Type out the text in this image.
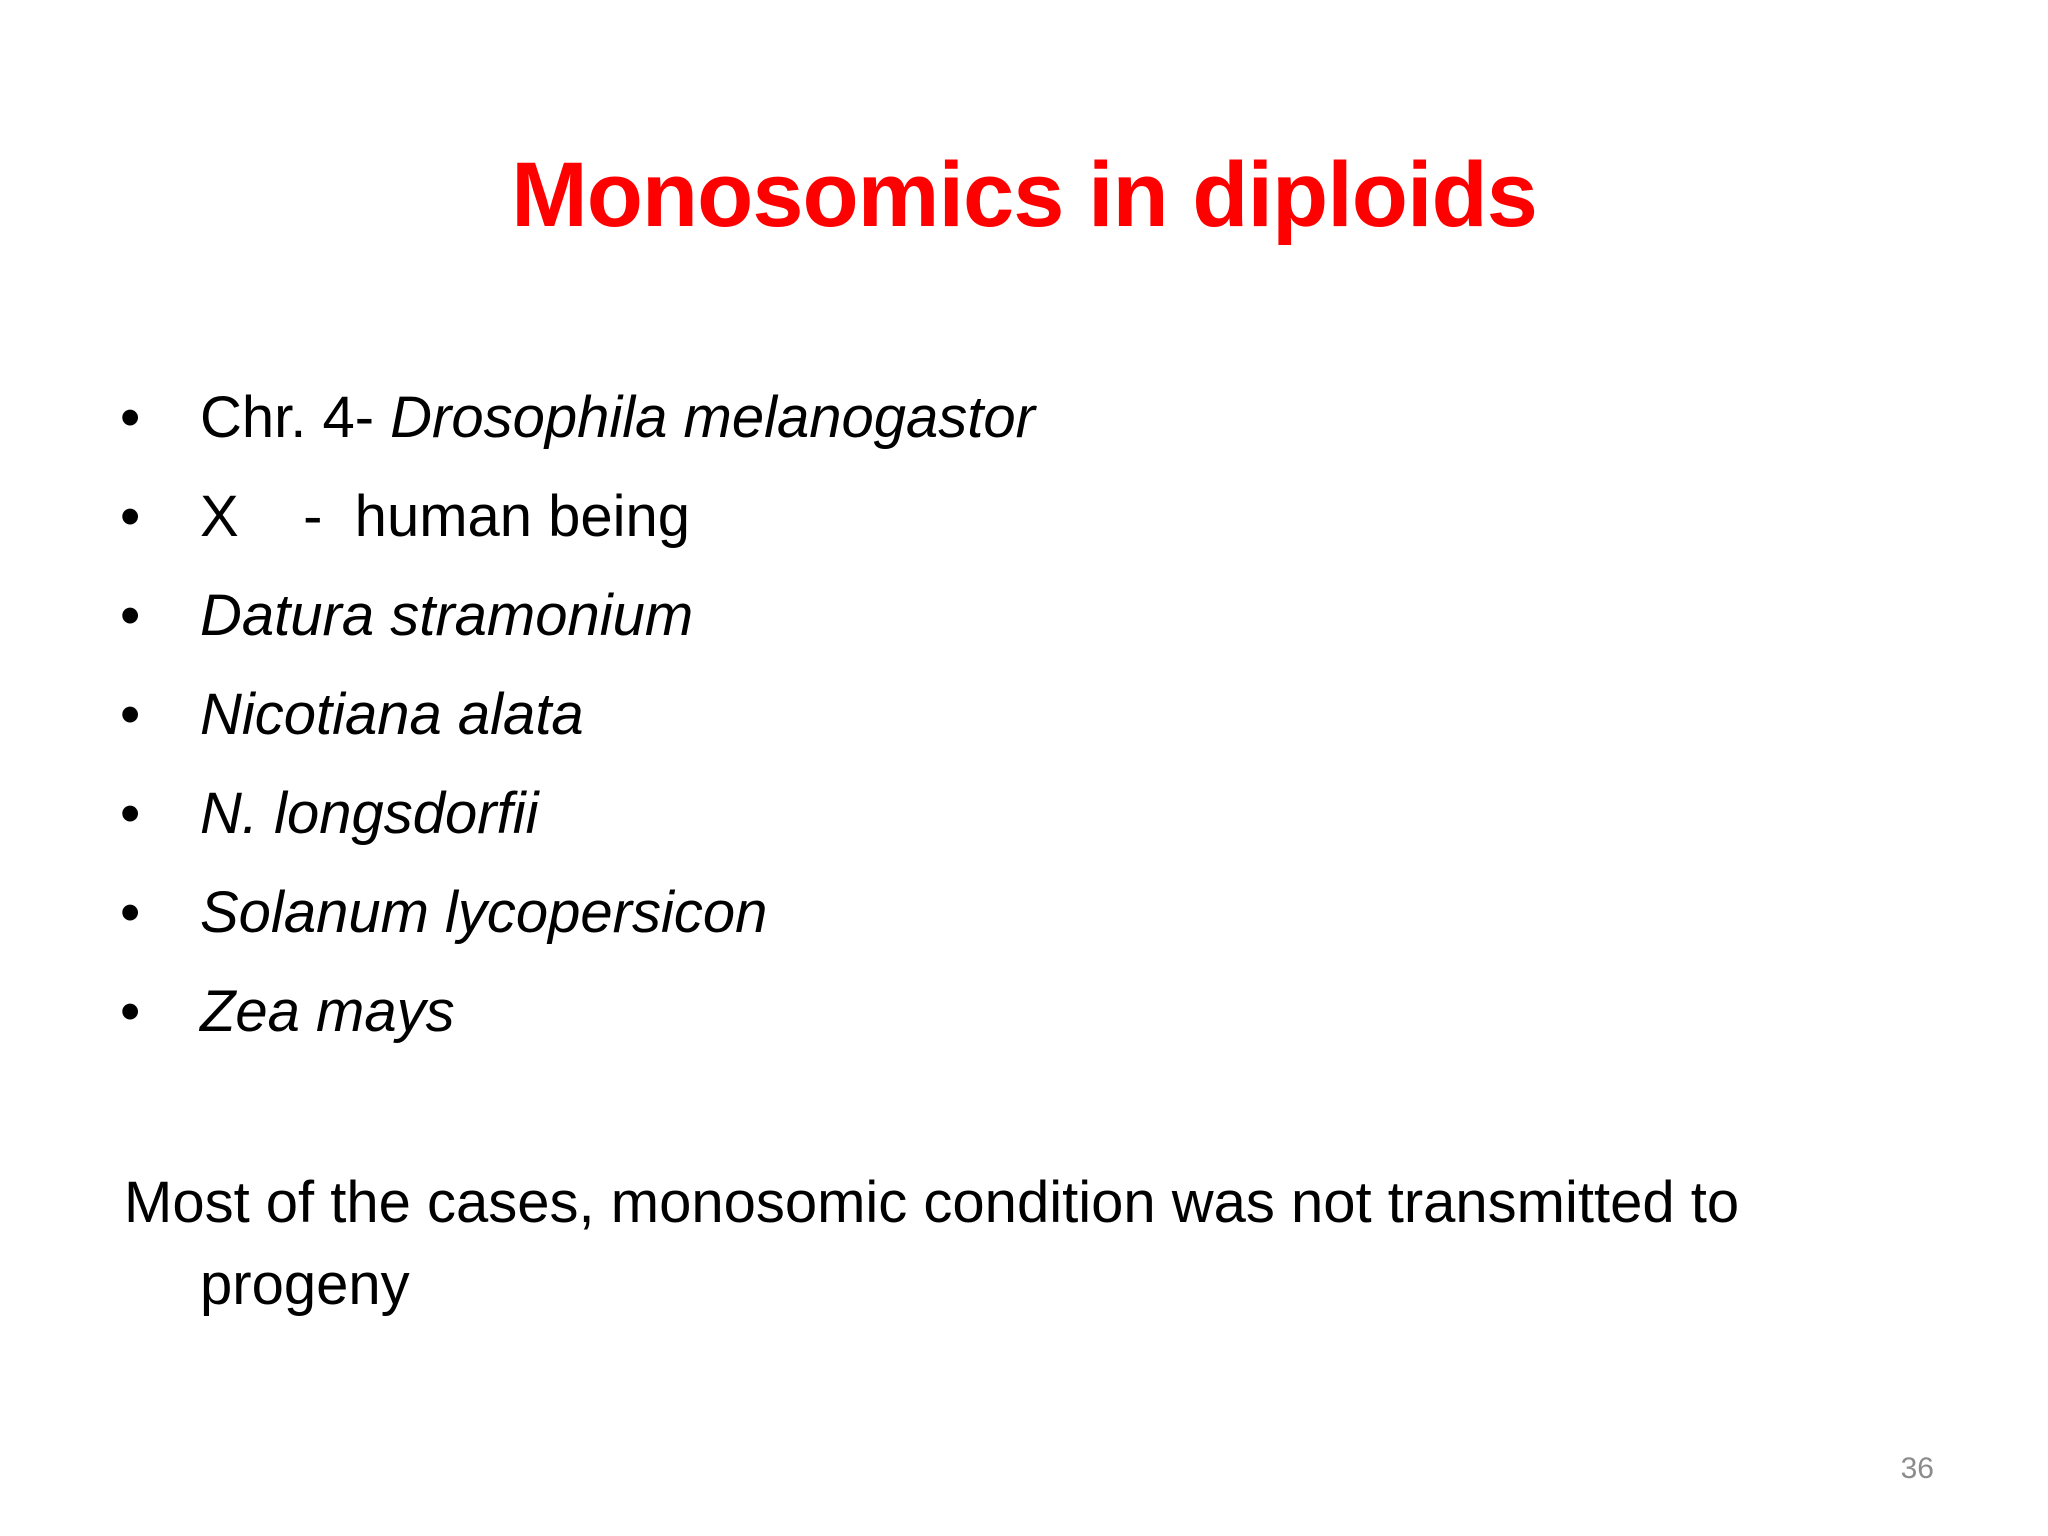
Monosomics in diploids

•

	Chr. 4- Drosophila melanogastor

•

	X    -  human being

•

	Datura stramonium

•

	Nicotiana alata

•

	N. longsdorfii

•

	Solanum lycopersicon

•

	Zea mays

Most of the cases, monosomic condition was not transmitted to
progeny
36
